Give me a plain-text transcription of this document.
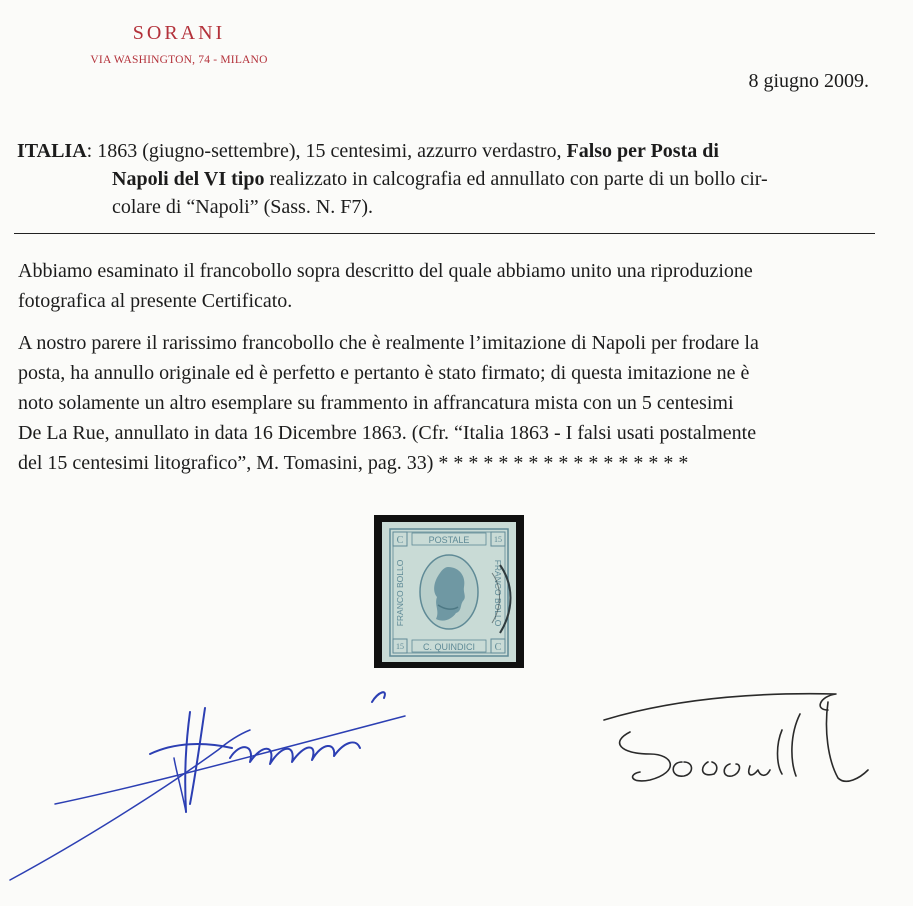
SORANI
VIA WASHINGTON, 74 - MILANO
8 giugno 2009.
ITALIA: 1863 (giugno-settembre), 15 centesimi, azzurro verdastro, Falso per Posta di
Napoli del VI tipo realizzato in calcografia ed annullato con parte di un bollo cir-
colare di “Napoli” (Sass. N. F7).
Abbiamo esaminato il francobollo sopra descritto del quale abbiamo unito una riproduzione
fotografica al presente Certificato.
A nostro parere il rarissimo francobollo che è realmente l’imitazione di Napoli per frodare la
posta, ha annullo originale ed è perfetto e pertanto è stato firmato; di questa imitazione ne è
noto solamente un altro esemplare su frammento in affrancatura mista con un 5 centesimi
De La Rue, annullato in data 16 Dicembre 1863. (Cfr. “Italia 1863 - I falsi usati postalmente
del 15 centesimi litografico”, M. Tomasini, pag. 33) * * * * * * * * * * * * * * * * *
C	15
15	C
POSTALE
C. QUINDICI
FRANCO BOLLO	FRANCO BOLLO
